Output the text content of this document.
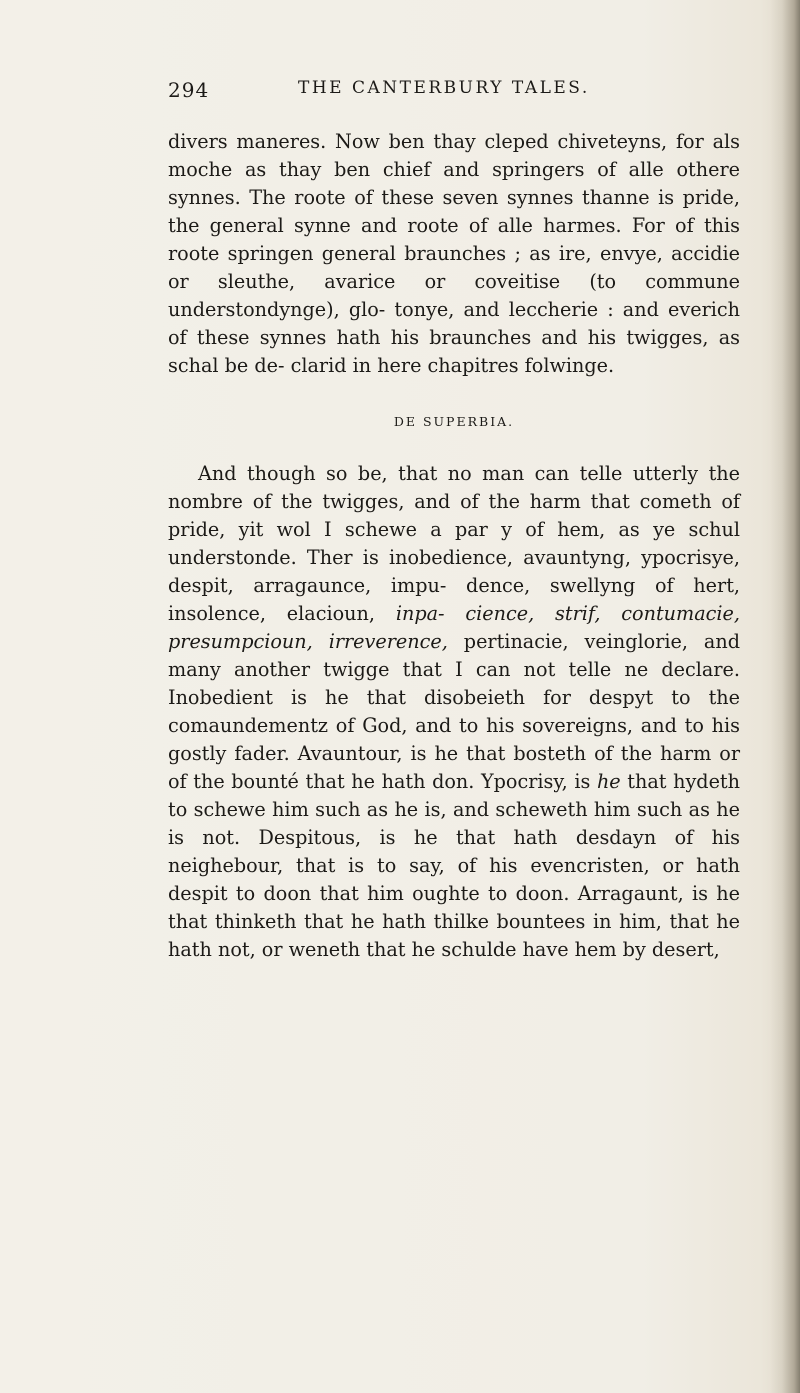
294	THE CANTERBURY TALES.

divers maneres. Now ben thay cleped chiveteyns, for als moche as thay ben chief and springers of alle othere synnes. The roote of these seven synnes thanne is pride, the general synne and roote of alle harmes. For of this roote springen general braunches ; as ire, envye, accidie or sleuthe, avarice or coveitise (to commune understondynge), glo- tonye, and leccherie : and everich of these synnes hath his braunches and his twigges, as schal be de- clarid in here chapitres folwinge.

DE SUPERBIA.

And though so be, that no man can telle utterly the nombre of the twigges, and of the harm that cometh of pride, yit wol I schewe a par y of hem, as ye schul understonde. Ther is inobedience, avauntyng, ypocrisye, despit, arragaunce, impu- dence, swellyng of hert, insolence, elacioun, inpa- cience, strif, contumacie, presumpcioun, irreverence, pertinacie, veinglorie, and many another twigge that I can not telle ne declare. Inobedient is he that disobeieth for despyt to the comaundementz of God, and to his sovereigns, and to his gostly fader. Avauntour, is he that bosteth of the harm or of the bounté that he hath don. Ypocrisy, is he that hydeth to schewe him such as he is, and scheweth him such as he is not. Despitous, is he that hath desdayn of his neighebour, that is to say, of his evencristen, or hath despit to doon that him oughte to doon. Arragaunt, is he that thinketh that he hath thilke bountees in him, that he hath not, or weneth that he schulde have hem by desert,
